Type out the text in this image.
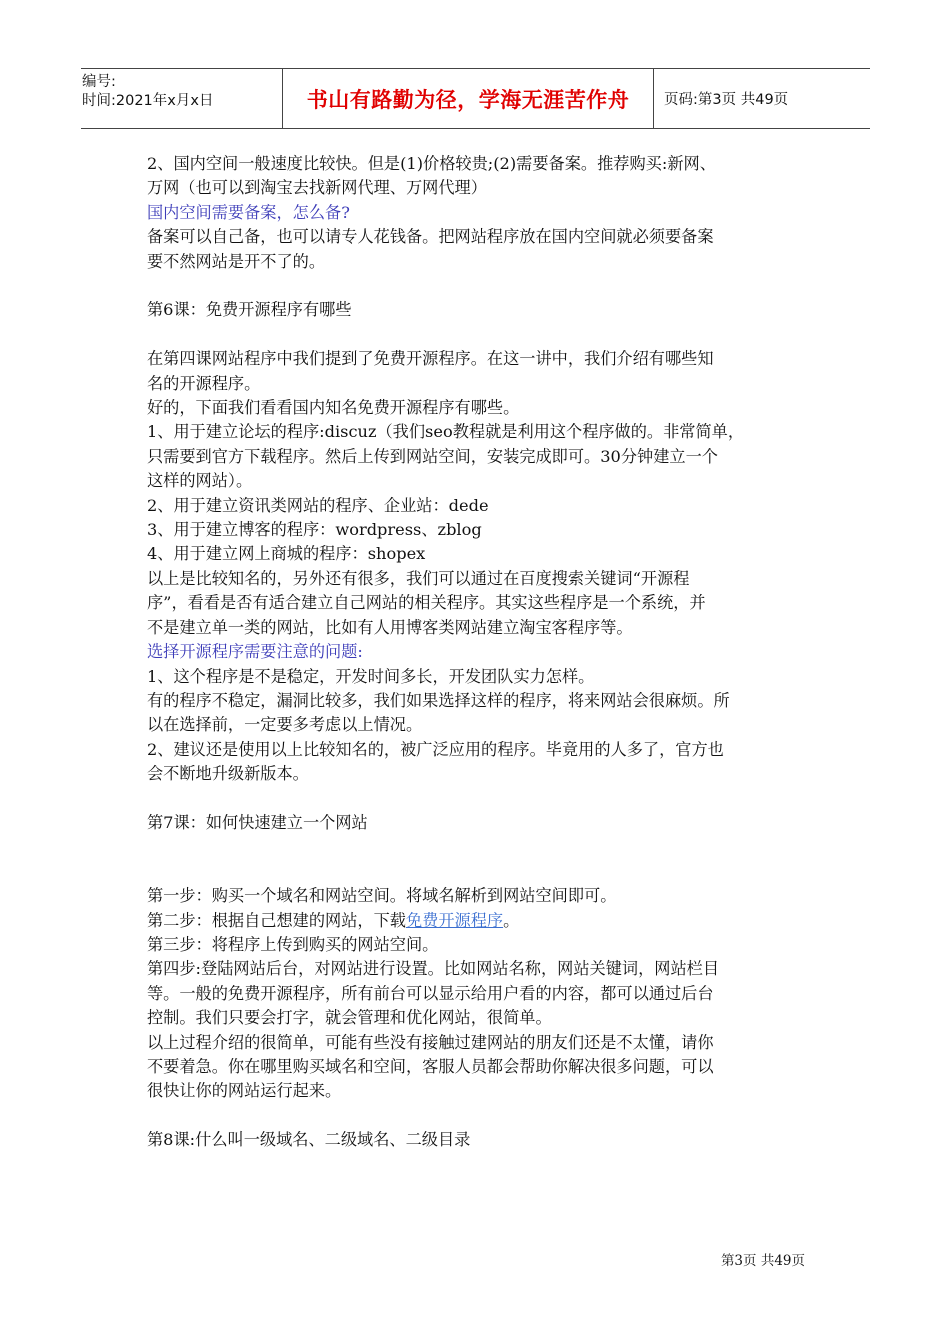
编号:
时间:2021年x月x日	书山有路勤为径，学海无涯苦作舟 页码:第3页 共49页

2、国内空间一般速度比较快。但是(1)价格较贵;(2)需要备案。推荐购买:新网、

万网（也可以到淘宝去找新网代理、万网代理）

国内空间需要备案，怎么备?

备案可以自己备，也可以请专人花钱备。把网站程序放在国内空间就必须要备案

要不然网站是开不了的。

第6课：免费开源程序有哪些

在第四课网站程序中我们提到了免费开源程序。在这一讲中，我们介绍有哪些知

名的开源程序。

好的，下面我们看看国内知名免费开源程序有哪些。

1、用于建立论坛的程序:discuz（我们seo教程就是利用这个程序做的。非常简单，

只需要到官方下载程序。然后上传到网站空间，安装完成即可。30分钟建立一个

这样的网站）。

2、用于建立资讯类网站的程序、企业站：dede

3、用于建立博客的程序：wordpress、zblog

4、用于建立网上商城的程序：shopex

以上是比较知名的，另外还有很多，我们可以通过在百度搜索关键词“开源程

序”，看看是否有适合建立自己网站的相关程序。其实这些程序是一个系统，并

不是建立单一类的网站，比如有人用博客类网站建立淘宝客程序等。

选择开源程序需要注意的问题:

1、这个程序是不是稳定，开发时间多长，开发团队实力怎样。

有的程序不稳定，漏洞比较多，我们如果选择这样的程序，将来网站会很麻烦。所

以在选择前，一定要多考虑以上情况。

2、建议还是使用以上比较知名的，被广泛应用的程序。毕竟用的人多了，官方也

会不断地升级新版本。

第7课：如何快速建立一个网站

第一步：购买一个域名和网站空间。将域名解析到网站空间即可。

第二步：根据自己想建的网站，下载免费开源程序。

第三步：将程序上传到购买的网站空间。

第四步:登陆网站后台，对网站进行设置。比如网站名称，网站关键词，网站栏目

等。一般的免费开源程序，所有前台可以显示给用户看的内容，都可以通过后台

控制。我们只要会打字，就会管理和优化网站，很简单。

以上过程介绍的很简单，可能有些没有接触过建网站的朋友们还是不太懂，请你

不要着急。你在哪里购买域名和空间，客服人员都会帮助你解决很多问题，可以

很快让你的网站运行起来。

第8课:什么叫一级域名、二级域名、二级目录

第3页 共49页
